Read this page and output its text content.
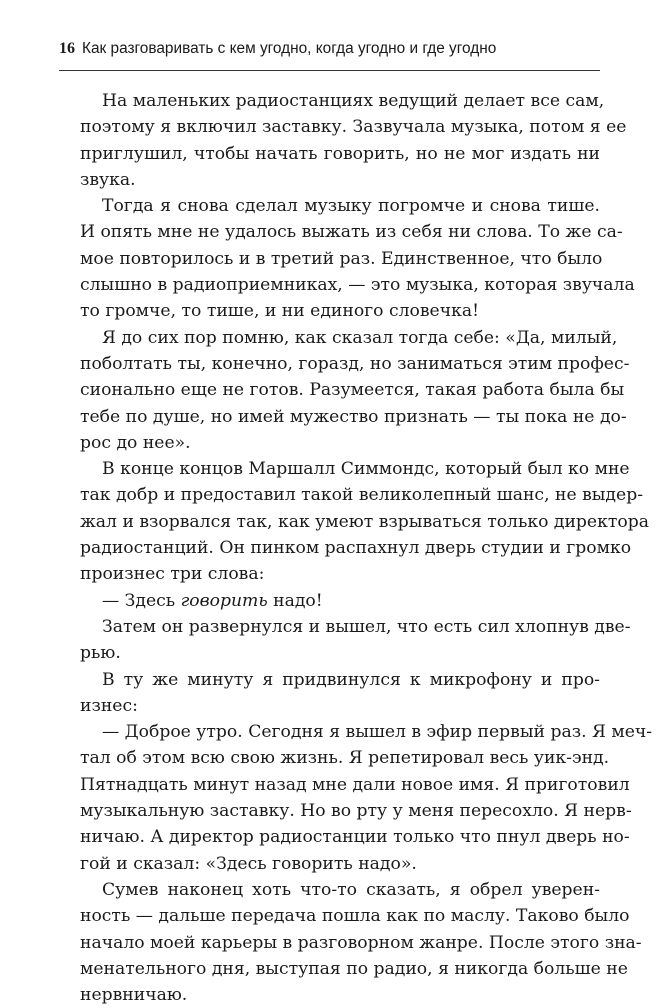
16 Как разговаривать с кем угодно, когда угодно и где угодно
На маленьких радиостанциях ведущий делает все сам,
поэтому я включил заставку. Зазвучала музыка, потом я ее
приглушил, чтобы начать говорить, но не мог издать ни
звука.
Тогда я снова сделал музыку погромче и снова тише.
И опять мне не удалось выжать из себя ни слова. То же са-
мое повторилось и в третий раз. Единственное, что было
слышно в радиоприемниках, — это музыка, которая звучала
то громче, то тише, и ни единого словечка!
Я до сих пор помню, как сказал тогда себе: «Да, милый,
поболтать ты, конечно, горазд, но заниматься этим профес-
сионально еще не готов. Разумеется, такая работа была бы
тебе по душе, но имей мужество признать — ты пока не до-
рос до нее».
В конце концов Маршалл Симмондс, который был ко мне
так добр и предоставил такой великолепный шанс, не выдер-
жал и взорвался так, как умеют взрываться только директора
радиостанций. Он пинком распахнул дверь студии и громко
произнес три слова:
— Здесь говорить надо!
Затем он развернулся и вышел, что есть сил хлопнув две-
рью.
В ту же минуту я придвинулся к микрофону и про-
изнес:
— Доброе утро. Сегодня я вышел в эфир первый раз. Я меч-
тал об этом всю свою жизнь. Я репетировал весь уик-энд.
Пятнадцать минут назад мне дали новое имя. Я приготовил
музыкальную заставку. Но во рту у меня пересохло. Я нерв-
ничаю. А директор радиостанции только что пнул дверь но-
гой и сказал: «Здесь говорить надо».
Сумев наконец хоть что-то сказать, я обрел уверен-
ность — дальше передача пошла как по маслу. Таково было
начало моей карьеры в разговорном жанре. После этого зна-
менательного дня, выступая по радио, я никогда больше не
нервничаю.
